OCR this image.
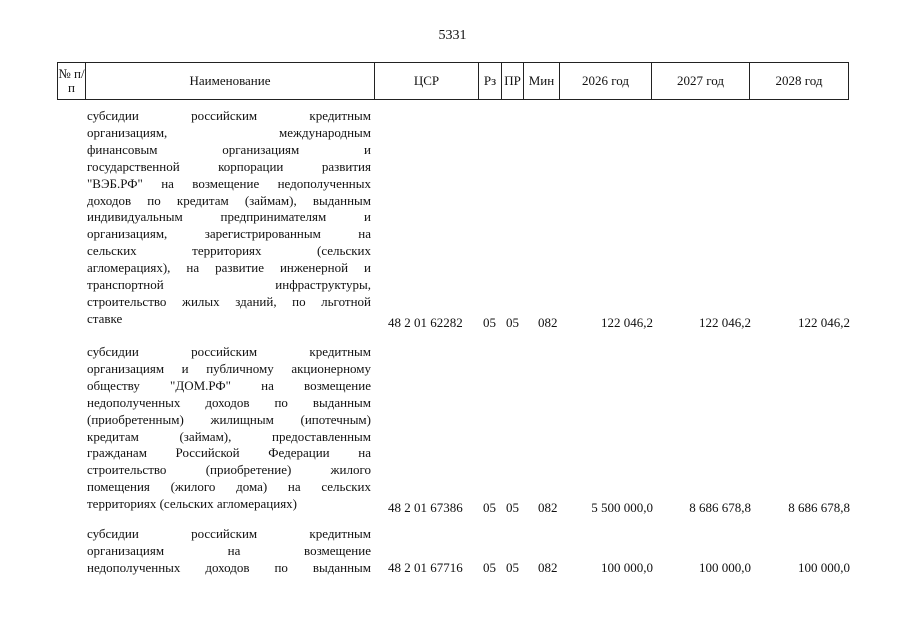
5331
№ п/п	Наименование	ЦСР	Рз ПР Мин	2026 год	2027 год	2028 год
субсидии российским кредитным
организациям, международным
финансовым организациям и
государственной корпорации развития
"ВЭБ.РФ" на возмещение недополученных
доходов по кредитам (займам), выданным
индивидуальным предпринимателям и
организациям, зарегистрированным на
сельских территориях (сельских
агломерациях), на развитие инженерной и
транспортной инфраструктуры,
строительство жилых зданий, по льготной
ставке	48 2 01 62282 05 05 082	122 046,2	122 046,2	122 046,2
субсидии российским кредитным
организациям и публичному акционерному
обществу "ДОМ.РФ" на возмещение
недополученных доходов по выданным
(приобретенным) жилищным (ипотечным)
кредитам (займам), предоставленным
гражданам Российской Федерации на
строительство (приобретение) жилого
помещения (жилого дома) на сельских
территориях (сельских агломерациях)	48 2 01 67386 05 05 082	5 500 000,0	8 686 678,8	8 686 678,8
субсидии российским кредитным
организациям на возмещение
недополученных доходов по выданным 48 2 01 67716 05 05 082	100 000,0	100 000,0	100 000,0
